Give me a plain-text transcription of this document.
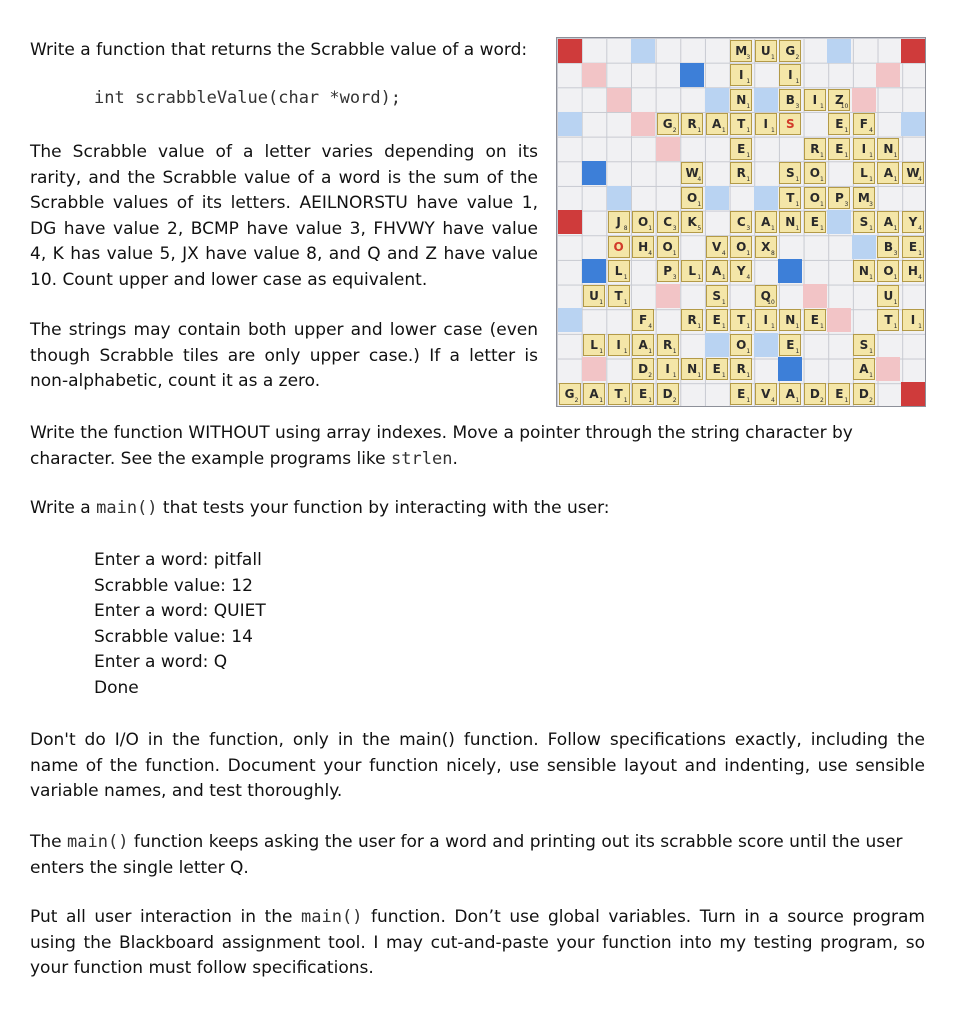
Write a function that returns the Scrabble value of a word:

int scrabbleValue(char *word);

The Scrabble value of a letter varies depending on its rarity, and the Scrabble value of a word is the sum of the Scrabble values of its letters. AEILNORSTU have value 1, DG have value 2, BCMP have value 3, FHVWY have value 4, K has value 5, JX have value 8, and Q and Z have value 10. Count upper and lower case as equivalent.

The strings may contain both upper and lower case (even though Scrabble tiles are only upper case.) If a letter is non-alphabetic, count it as a zero.

Write the function WITHOUT using array indexes. Move a pointer through the string character by character. See the example programs like strlen.

Write a main() that tests your function by interacting with the user:

Enter a word: pitfall
Scrabble value: 12
Enter a word: QUIET
Scrabble value: 14
Enter a word: Q
Done

Don't do I/O in the function, only in the main() function. Follow specifications exactly, including the name of the function. Document your function nicely, use sensible layout and indenting, use sensible variable names, and test thoroughly.

The main() function keeps asking the user for a word and printing out its scrabble score until the user enters the single letter Q.

Put all user interaction in the main() function. Don’t use global variables. Turn in a source program using the Blackboard assignment tool. I may cut-and-paste your function into my testing program, so your function must follow specifications.

M 3 U 1 G 2
I 1	I 1
N 1	B 3	I 1 Z
10
G 2 R 1 A 1 T 1	I 1 S	E 1 F 4
E 1	R 1 E 1	I 1 N 1
W
4	R 1	S 1 O 1	L 1 A 1 W
4
O 1	T 1 O 1 P 3 M 3
J 8 O 1 C 3 K 5	C 3 A 1 N 1 E 1	S 1 A 1 Y 4
O	H 4 O 1	V 4 O 1 X 8	B 3 E 1
L 1	P 3 L 1 A 1 Y 4	N 1 O 1 H 4
U 1 T 1	S 1	Q
10	U 1
F 4	R 1 E 1 T 1	I 1 N 1 E 1	T 1	I 1
L 1	I 1 A 1 R 1	O 1	E 1	S 1
D 2	I 1 N 1 E 1 R 1	A 1
G 2 A 1 T 1 E 1 D 2	E 1 V 4 A 1 D 2 E 1 D 2
